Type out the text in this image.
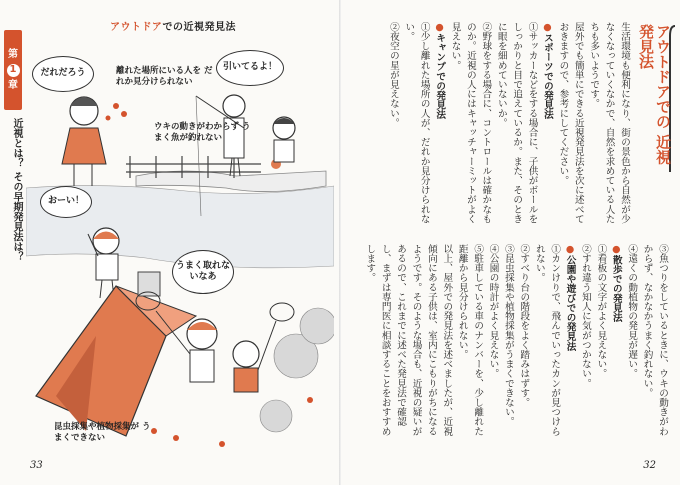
アウトドアでの近視発見法
第
1
章
近視とは？ その早期発見法は？
だれだろう
引いてるよ！
おーい！
うまく取れないなあ
離れた場所にいる人を だれか見分けられない
ウキの動きがわからず うまく魚が釣れない
昆虫採集や植物採集が うまくできない
33
アウトドアでの 近視発見法

生活環境も便利になり、街の景色から自然が少なくなっていくなかで、自然を求めている人たちも多いようです。

屋外でも簡単にできる近視発見法を次に述べておきますので、参考にしてください。

● スポーツでの発見法

①サッカーなどをする場合に、子供がボールをしっかりと目で追えているか。また、そのときに眼を細めていないか。

②野球をする場合に、コントロールは確かなものか。近視の人にはキャッチャーミットがよく見えない。

● キャンプでの発見法

①少し離れた場所の人が、だれか見分けられない。

②夜空の星が見えない。

③魚つりをしているときに、ウキの動きがわからず、なかなかうまく釣れない。

④遠くの動植物の発見が遅い。

● 散歩での発見法

①看板の文字がよく見えない。

②すれ違う知人に気がつかない。

● 公園や遊びでの発見法

①カンけりで、飛んでいったカンが見つけられない。

②すべり台の階段をよく踏みはずす。

③昆虫採集や植物採集がうまくできない。

④公園の時計がよく見えない。

⑤駐車している車のナンバーを、少し離れた距離から見分けられない。

以上、屋外での発見法を述べましたが、近視傾向にある子供は、室内にこもりがちになるようです。そのような場合も、近視の疑いがあるので、これまでに述べた発見法で確認し、まずは専門医に相談することをおすすめします。

32
